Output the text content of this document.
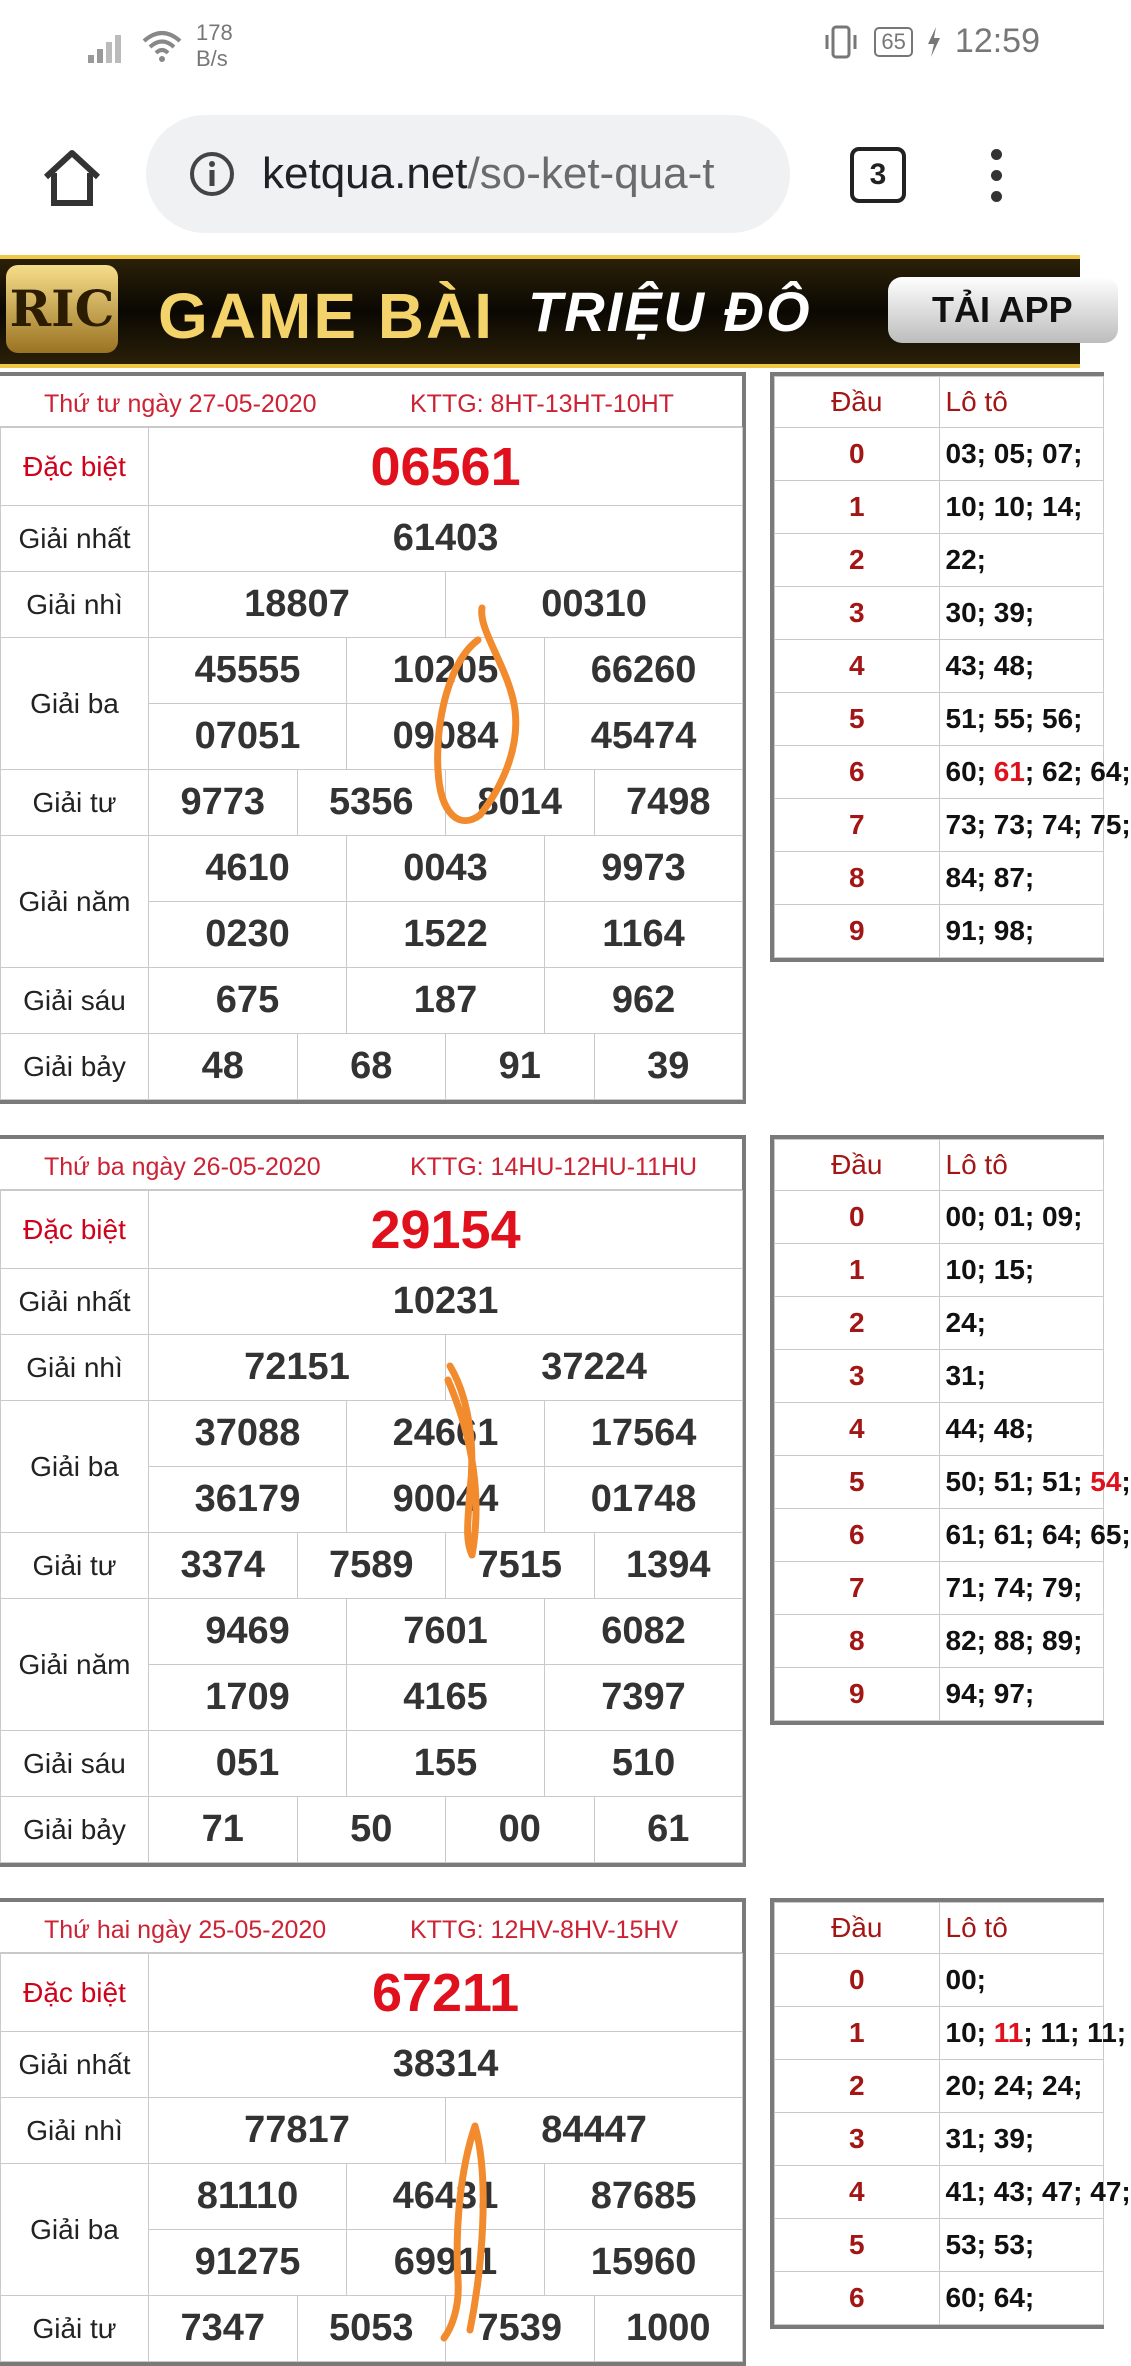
178
B/s
65 12:59
ketqua.net/so-ket-qua-t	3
RIC GAME BÀI TRIỆU ĐÔ	TẢI APP
Thứ tư ngày 27-05-2020	KTTG: 8HT-13HT-10HT
Đặc biệt	06561					
Giải nhất	61403					
Giải nhì	18807			00310		
Giải ba	45555		10205		66260	
	07051		09084		45474	
Giải tư	9773	5356		8014		7498
Giải năm	4610		0043		9973	
	0230		1522		1164	
Giải sáu	675		187		962	
Giải bảy	48	68		91		39
Đầu	Lô tô
0	03; 05; 07;
1	10; 10; 14;
2	22;
3	30; 39;
4	43; 48;
5	51; 55; 56;
6	60; 61; 62; 64;
7	73; 73; 74; 75;
8	84; 87;
9	91; 98;
Thứ ba ngày 26-05-2020	KTTG: 14HU-12HU-11HU
Đặc biệt	29154					
Giải nhất	10231					
Giải nhì	72151			37224		
Giải ba	37088		24661		17564	
	36179		90044		01748	
Giải tư	3374	7589		7515		1394
Giải năm	9469		7601		6082	
	1709		4165		7397	
Giải sáu	051		155		510	
Giải bảy	71	50		00		61
Đầu	Lô tô
0	00; 01; 09;
1	10; 15;
2	24;
3	31;
4	44; 48;
5	50; 51; 51; 54;
6	61; 61; 64; 65;
7	71; 74; 79;
8	82; 88; 89;
9	94; 97;
Thứ hai ngày 25-05-2020	KTTG: 12HV-8HV-15HV
Đặc biệt	67211					
Giải nhất	38314					
Giải nhì	77817			84447		
Giải ba	81110		46431		87685	
	91275		69911		15960	
Giải tư	7347	5053		7539		1000
Đầu	Lô tô
0	00;
1	10; 11; 11; 11;
2	20; 24; 24;
3	31; 39;
4	41; 43; 47; 47;
5	53; 53;
6	60; 64;
